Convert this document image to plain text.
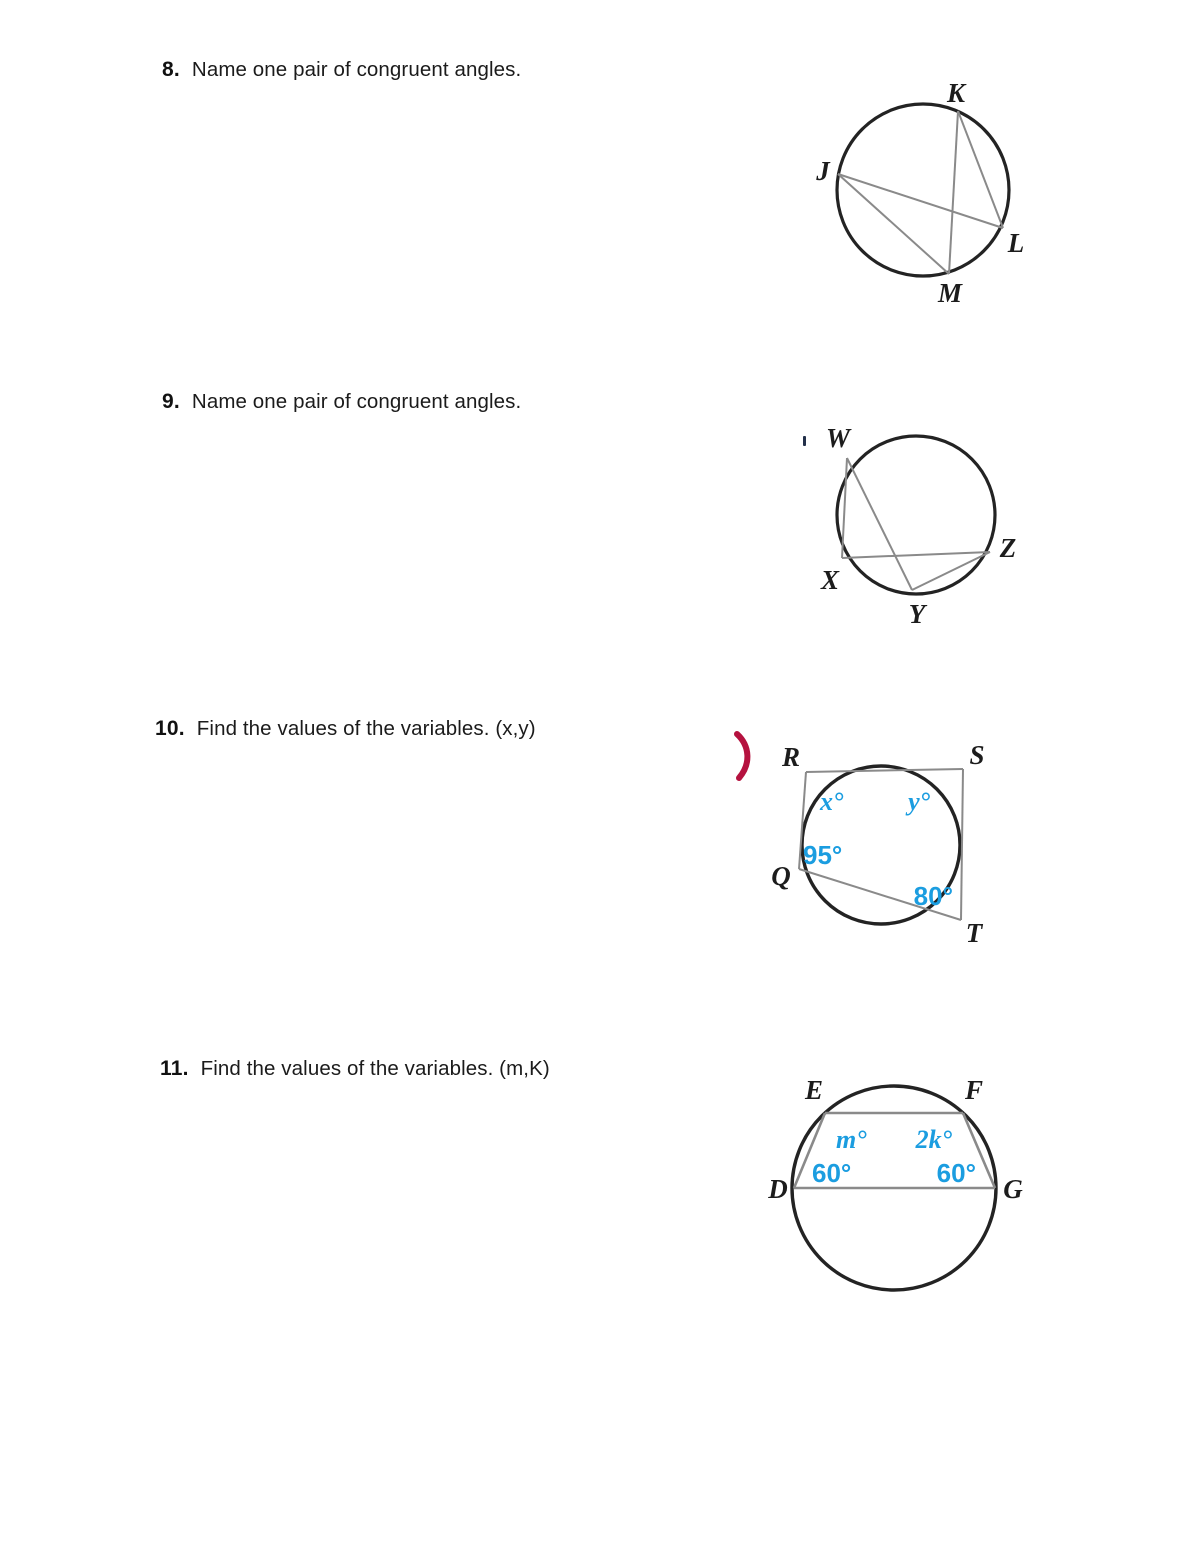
8. Name one pair of congruent angles.
K
J
L
M
9. Name one pair of congruent angles.
W
X
Y
Z
10. Find the values of the variables. (x,y)
R	S
Q
T
x° y°
95°
80°
11. Find the values of the variables. (m,K)
E	F
D	G
m° 2k°
60°	60°
